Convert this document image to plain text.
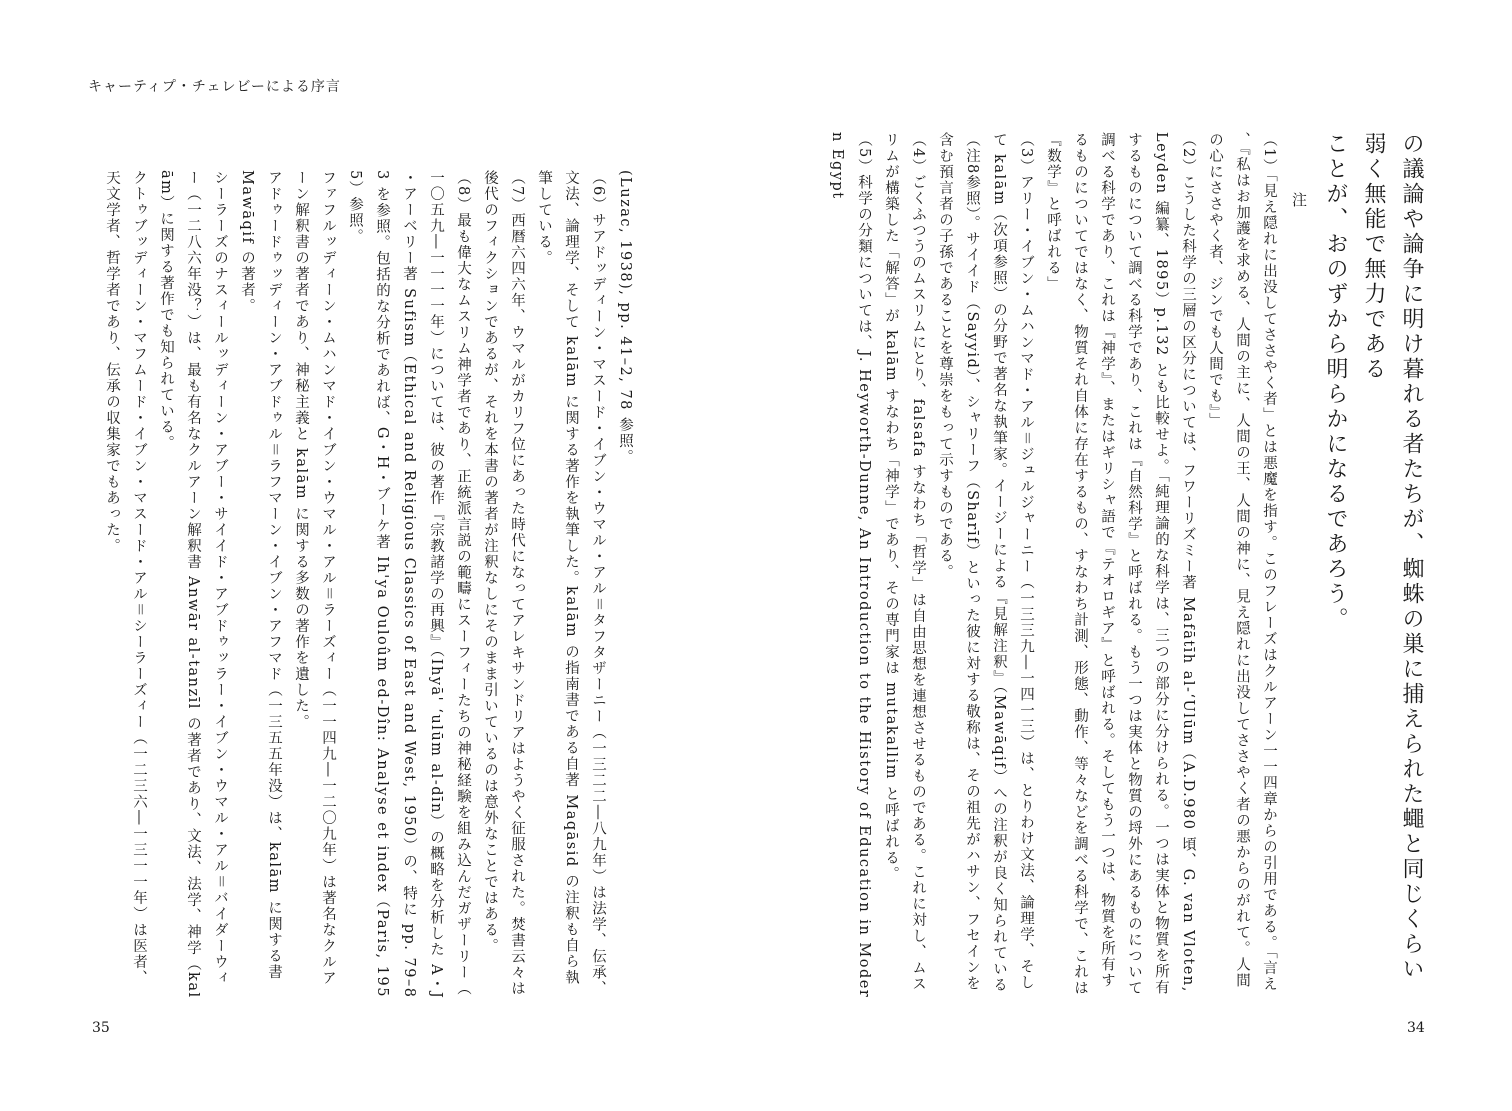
キャーティプ・チェレビーによる序言
の議論や論争に明け暮れる者たちが、蜘蛛の巣に捕えられた蠅と同じくらい弱く無能で無力である
ことが、おのずから明らかになるであろう。
注
（1）「見え隠れに出没してささやく者」とは悪魔を指す。このフレーズはクルアーン一一四章からの引用である。「言え、『私はお加護を求める、人間の主に、人間の王、人間の神に、見え隠れに出没してささやく者の悪からのがれて。人間の心にささやく者、ジンでも人間でも』」
（2）こうした科学の三層の区分については、フワーリズミー著 Mafātīh al-ʻUlūm（A.D.980 頃、G. van Vloten, Leyden 編纂、1895）p.132 とも比較せよ。「純理論的な科学は、三つの部分に分けられる。一つは実体と物質を所有するものについて調べる科学であり、これは『自然科学』と呼ばれる。もう一つは実体と物質の埒外にあるものについて調べる科学であり、これは『神学』、またはギリシャ語で『テオロギア』と呼ばれる。そしてもう一つは、物質を所有するものについてではなく、物質それ自体に存在するもの、すなわち計測、形態、動作、等々などを調べる科学で、これは『数学』と呼ばれる」
（3）アリー・イブン・ムハンマド・アル＝ジュルジャーニー（一三三九―一四一三）は、とりわけ文法、論理学、そして kalām（次項参照）の分野で著名な執筆家。イージーによる『見解注釈』（Mawāqif）への注釈が良く知られている（注8参照）。サイイド（Sayyid）、シャリーフ（Sharīf）といった彼に対する敬称は、その祖先がハサン、フセインを含む預言者の子孫であることを尊崇をもって示すものである。
（4）ごくふつうのムスリムにとり、falsafa すなわち「哲学」は自由思想を連想させるものである。これに対し、ムスリムが構築した「解答」が kalām すなわち「神学」であり、その専門家は mutakallim と呼ばれる。
（5）科学の分類については、J. Heyworth-Dunne, An Introduction to the History of Education in Modern Egypt
(Luzac, 1938), pp. 41–2, 78 参照。
（6）サアドッディーン・マスード・イブン・ウマル・アル＝タフタザーニー（一三二二―八九年）は法学、伝承、文法、論理学、そして kalām に関する著作を執筆した。kalām の指南書である自著 Maqāsid の注釈も自ら執筆している。
（7）西暦六四六年、ウマルがカリフ位にあった時代になってアレキサンドリアはようやく征服された。焚書云々は後代のフィクションであるが、それを本書の著者が注釈なしにそのまま引いているのは意外なことではある。
（8）最も偉大なムスリム神学者であり、正統派言説の範疇にスーフィーたちの神秘経験を組み込んだガザーリー（一〇五九―一一一一年）については、彼の著作『宗教諸学の再興』（Ihyā' ʻulūm al-dīn）の概略を分析した A・J・アーベリー著 Sufism（Ethical and Religious Classics of East and West, 1950）の、特に pp. 79–83 を参照。包括的な分析であれば、G・H・ブーケ著 Ih'ya Ouloûm ed-Dîn: Analyse et index（Paris, 1955）参照。
ファフルッディーン・ムハンマド・イブン・ウマル・アル＝ラーズィー（一一四九―一二〇九年）は著名なクルアーン解釈書の著者であり、神秘主義と kalām に関する多数の著作を遺した。
アドゥードゥッディーン・アブドゥル＝ラフマーン・イブン・アフマド（一三五五年没）は、kalām に関する書 Mawāqif の著者。
シーラーズのナスィールッディーン・アブー・サイイド・アブドゥッラー・イブン・ウマル・アル＝バイダーウィー（一二八六年没？）は、最も有名なクルアーン解釈書 Anwār al-tanzīl の著者であり、文法、法学、神学（kalām）に関する著作でも知られている。
クトゥブッディーン・マフムード・イブン・マスード・アル＝シーラーズィー（一二三六―一三一一年）は医者、天文学者、哲学者であり、伝承の収集家でもあった。
35	34
